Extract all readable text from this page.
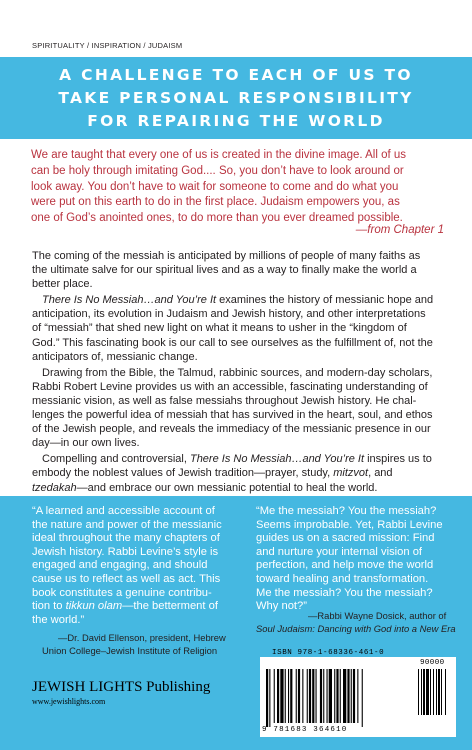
SPIRITUALITY / INSPIRATION / JUDAISM
A CHALLENGE TO EACH OF US TO
TAKE PERSONAL RESPONSIBILITY
FOR REPAIRING THE WORLD
We are taught that every one of us is created in the divine image. All of us
can be holy through imitating God.... So, you don’t have to look around or
look away. You don’t have to wait for someone to come and do what you
were put on this earth to do in the first place. Judaism empowers you, as
one of God’s anointed ones, to do more than you ever dreamed possible.
—from Chapter 1
The coming of the messiah is anticipated by millions of people of many faiths as
the ultimate salve for our spiritual lives and as a way to finally make the world a
better place.
There Is No Messiah…and You’re It examines the history of messianic hope and
anticipation, its evolution in Judaism and Jewish history, and other interpretations
of “messiah” that shed new light on what it means to usher in the “kingdom of
God.” This fascinating book is our call to see ourselves as the fulfillment of, not the
anticipators of, messianic change.
Drawing from the Bible, the Talmud, rabbinic sources, and modern-day scholars,
Rabbi Robert Levine provides us with an accessible, fascinating understanding of
messianic vision, as well as false messiahs throughout Jewish history. He chal-
lenges the powerful idea of messiah that has survived in the heart, soul, and ethos
of the Jewish people, and reveals the immediacy of the messianic presence in our
day—in our own lives.
Compelling and controversial, There Is No Messiah…and You’re It inspires us to
embody the noblest values of Jewish tradition—prayer, study, mitzvot, and
tzedakah—and embrace our own messianic potential to heal the world.
“A learned and accessible account of
the nature and power of the messianic
ideal throughout the many chapters of
Jewish history. Rabbi Levine’s style is
engaged and engaging, and should
cause us to reflect as well as act. This
book constitutes a genuine contribu-
tion to tikkun olam—the betterment of
the world.”
—Dr. David Ellenson, president, Hebrew
Union College–Jewish Institute of Religion
“Me the messiah? You the messiah?
Seems improbable. Yet, Rabbi Levine
guides us on a sacred mission: Find
and nurture your internal vision of
perfection, and help move the world
toward healing and transformation.
Me the messiah? You the messiah?
Why not?”
—Rabbi Wayne Dosick, author of
Soul Judaism: Dancing with God into a New Era
JEWISH LIGHTS Publishing
www.jewishlights.com
ISBN 978-1-68336-461-0
90000
9 781683 364610
